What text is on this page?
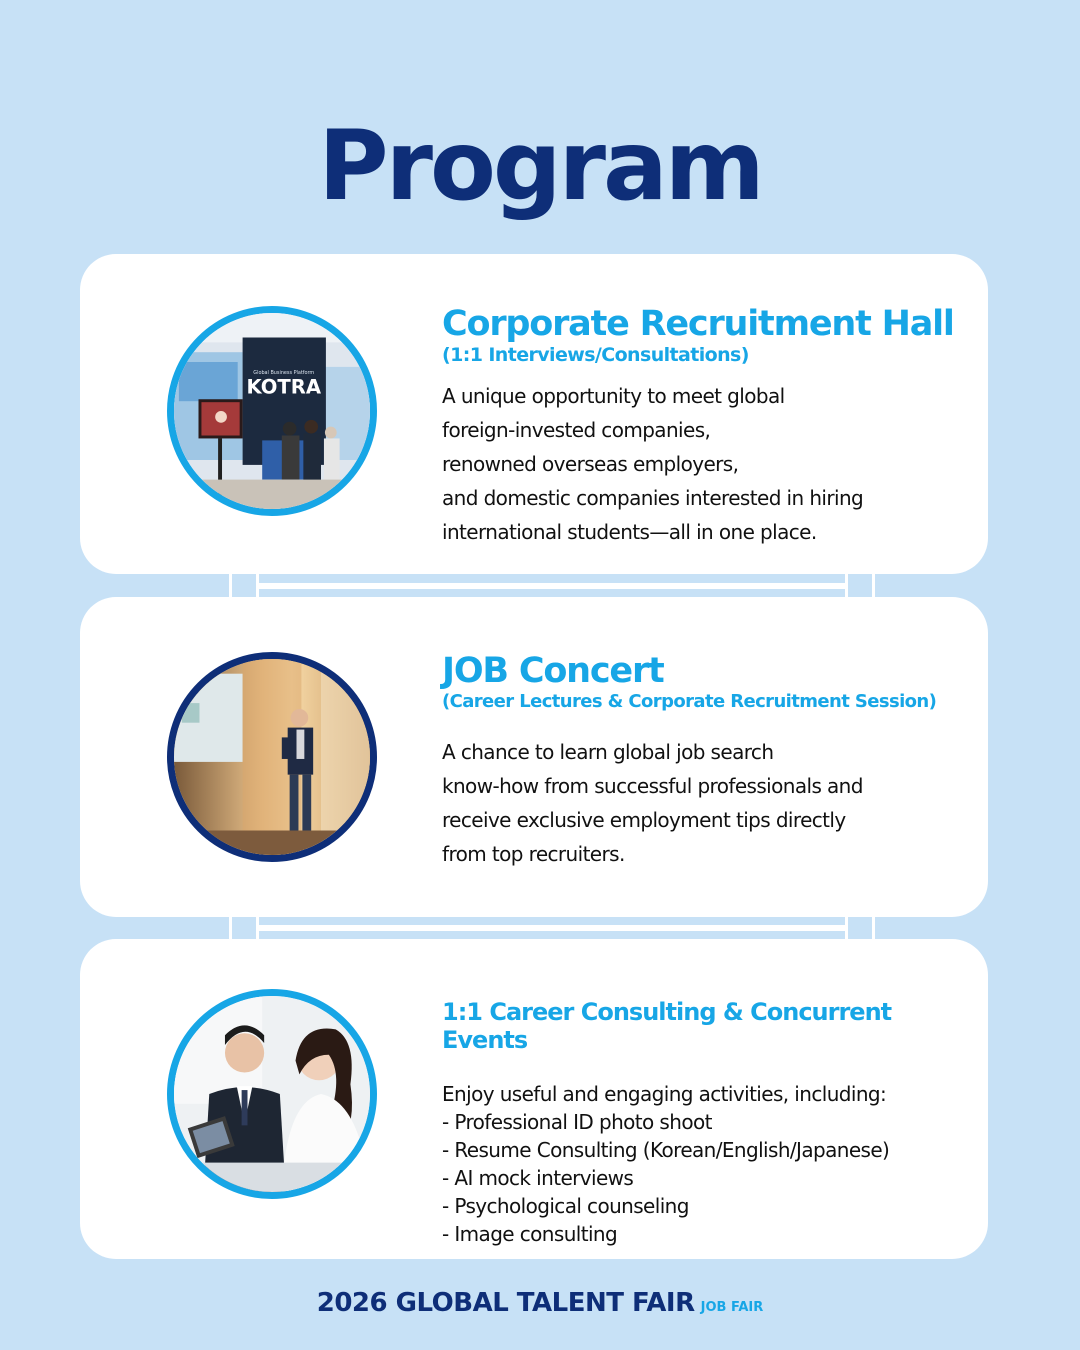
Program
Global Business Platform
KOTRA
Corporate Recruitment Hall

(1:1 Interviews/Consultations)

A unique opportunity to meet global
foreign-invested companies,
renowned overseas employers,
and domestic companies interested in hiring
international students—all in one place.
JOB Concert

(Career Lectures & Corporate Recruitment Session)

A chance to learn global job search
know-how from successful professionals and
receive exclusive employment tips directly
from top recruiters.
1:1 Career Consulting & Concurrent Events
Enjoy useful and engaging activities, including:
- Professional ID photo shoot
- Resume Consulting (Korean/English/Japanese)
- AI mock interviews
- Psychological counseling
- Image consulting
2026 GLOBAL TALENT FAIR JOB FAIR
